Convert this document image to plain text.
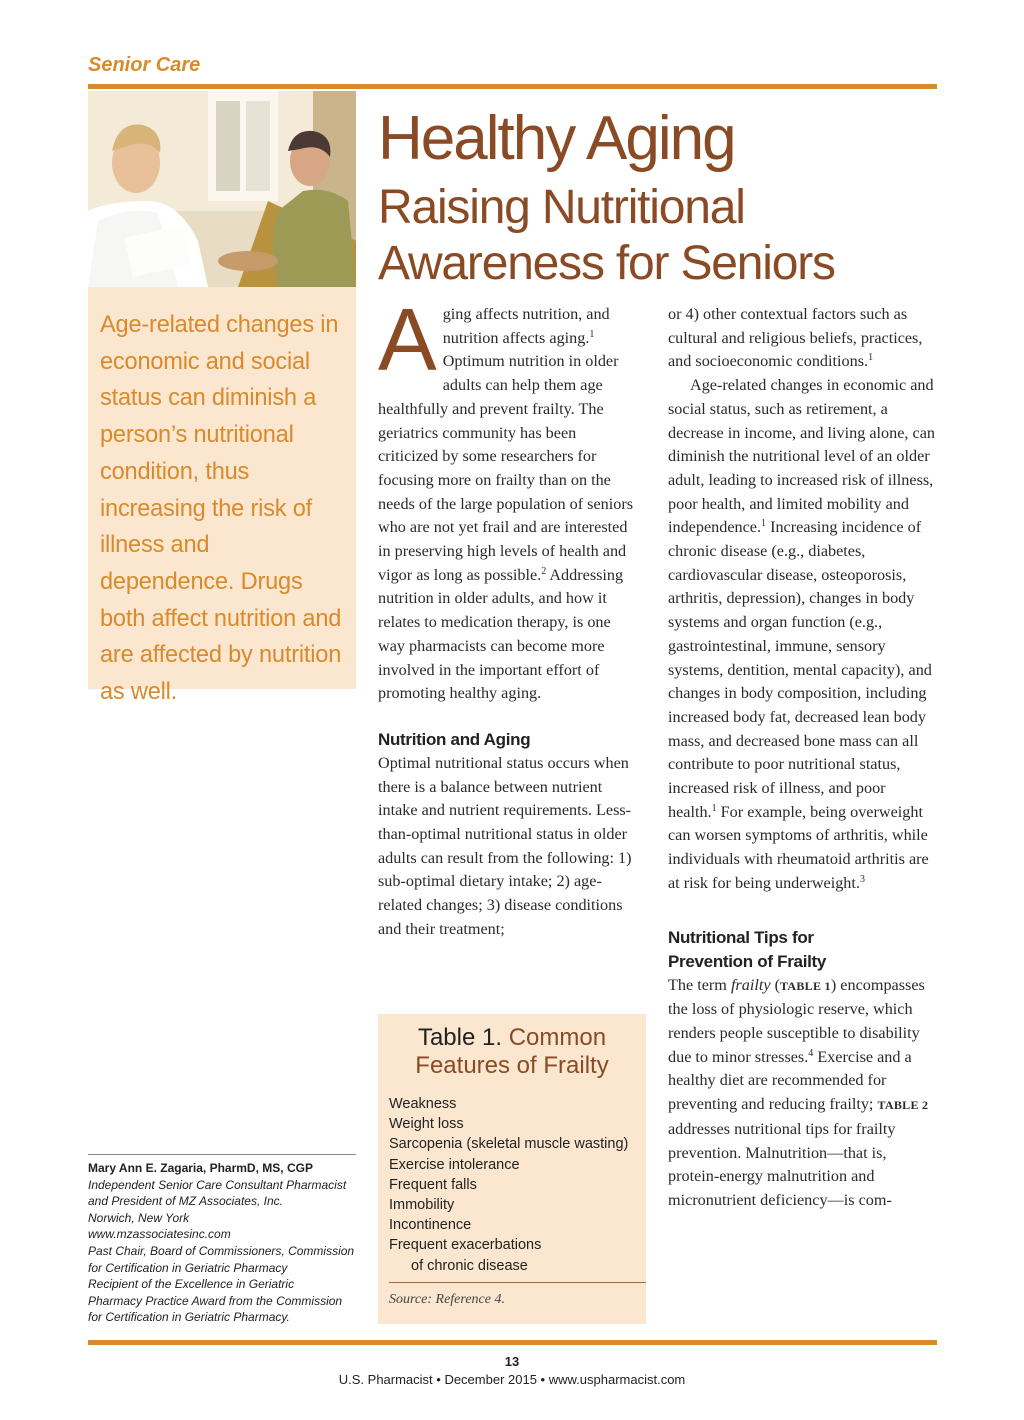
Senior Care

Age-related changes in economic and social status can diminish a person’s nutritional condition, thus increasing the risk of illness and dependence. Drugs both affect nutrition and are affected by nutrition as well.

Healthy Aging
Raising Nutritional
Awareness for Seniors

Aging affects nutrition, and nutrition affects aging.$^1$ Optimum nutrition in older adults can help them age healthfully and prevent frailty. The geriatrics community has been criticized by some researchers for focusing more on frailty than on the needs of the large population of seniors who are not yet frail and are interested in preserving high levels of health and vigor as long as possible.$^2$ Addressing nutrition in older adults, and how it relates to medication therapy, is one way pharmacists can become more involved in the important effort of promoting healthy aging.

Nutrition and Aging

Optimal nutritional status occurs when there is a balance between nutrient intake and nutrient requirements. Less-than-optimal nutritional status in older adults can result from the following: 1) sub-optimal dietary intake; 2) age-related changes; 3) disease conditions and their treatment;

or 4) other contextual factors such as cultural and religious beliefs, practices, and socioeconomic conditions.$^1$

Age-related changes in economic and social status, such as retirement, a decrease in income, and living alone, can diminish the nutritional level of an older adult, leading to increased risk of illness, poor health, and limited mobility and independence.$^1$ Increasing incidence of chronic disease (e.g., diabetes, cardiovascular disease, osteoporosis, arthritis, depression), changes in body systems and organ function (e.g., gastrointestinal, immune, sensory systems, dentition, mental capacity), and changes in body composition, including increased body fat, decreased lean body mass, and decreased bone mass can all contribute to poor nutritional status, increased risk of illness, and poor health.$^1$ For example, being overweight can worsen symptoms of arthritis, while individuals with rheumatoid arthritis are at risk for being underweight.$^3$

Nutritional Tips for
Prevention of Frailty

The term frailty (TABLE 1) encompasses the loss of physiologic reserve, which renders people susceptible to disability due to minor stresses.$^4$ Exercise and a healthy diet are recommended for preventing and reducing frailty; TABLE 2 addresses nutritional tips for frailty prevention. Malnutrition—that is, protein-energy malnutrition and micronutrient deficiency—is com-

Table 1. Common
Features of Frailty
Weakness
Weight loss
Sarcopenia (skeletal muscle wasting)
Exercise intolerance
Frequent falls
Immobility
Incontinence
Frequent exacerbations
of chronic disease
Source: Reference 4.
Mary Ann E. Zagaria, PharmD, MS, CGP
Independent Senior Care Consultant Pharmacist
and President of MZ Associates, Inc.
Norwich, New York
www.mzassociatesinc.com
Past Chair, Board of Commissioners, Commission
for Certification in Geriatric Pharmacy
Recipient of the Excellence in Geriatric
Pharmacy Practice Award from the Commission
for Certification in Geriatric Pharmacy.
13
U.S. Pharmacist • December 2015 • www.uspharmacist.com
